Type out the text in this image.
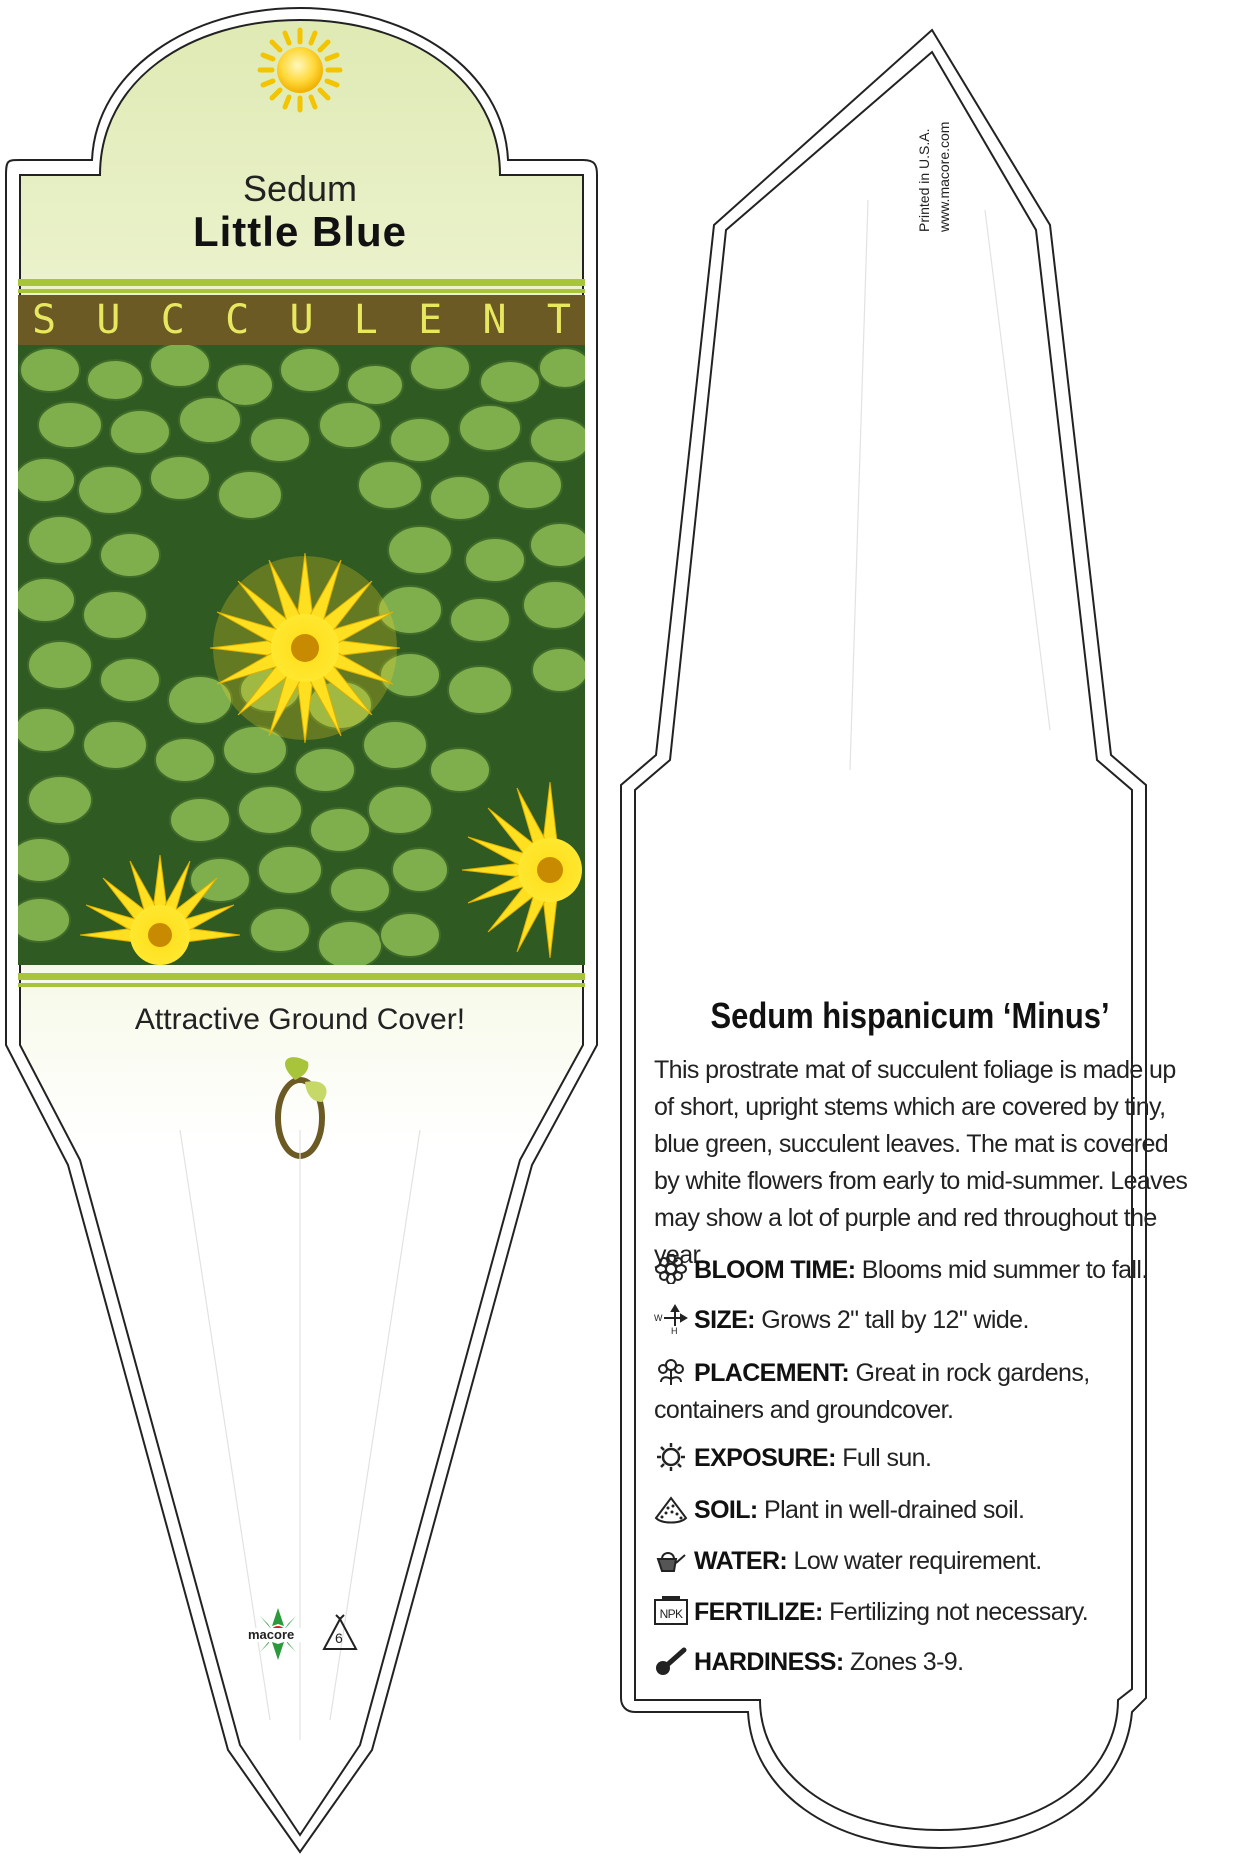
Sedum
Little Blue
S U C C U L E N T
Attractive Ground Cover!
macore	6
Printed in U.S.A. www.macore.com
Sedum hispanicum ‘Minus’
This prostrate mat of succulent foliage is made up of short, upright stems which are covered by tiny, blue green, succulent leaves. The mat is covered by white flowers from early to mid-summer. Leaves may show a lot of purple and red throughout the year.
BLOOM TIME: Blooms mid summer to fall.
W
H SIZE: Grows 2" tall by 12" wide.
PLACEMENT: Great in rock gardens, containers and groundcover.
EXPOSURE: Full sun.
SOIL: Plant in well-drained soil.
WATER: Low water requirement.
NPK FERTILIZE: Fertilizing not necessary.
HARDINESS: Zones 3-9.
